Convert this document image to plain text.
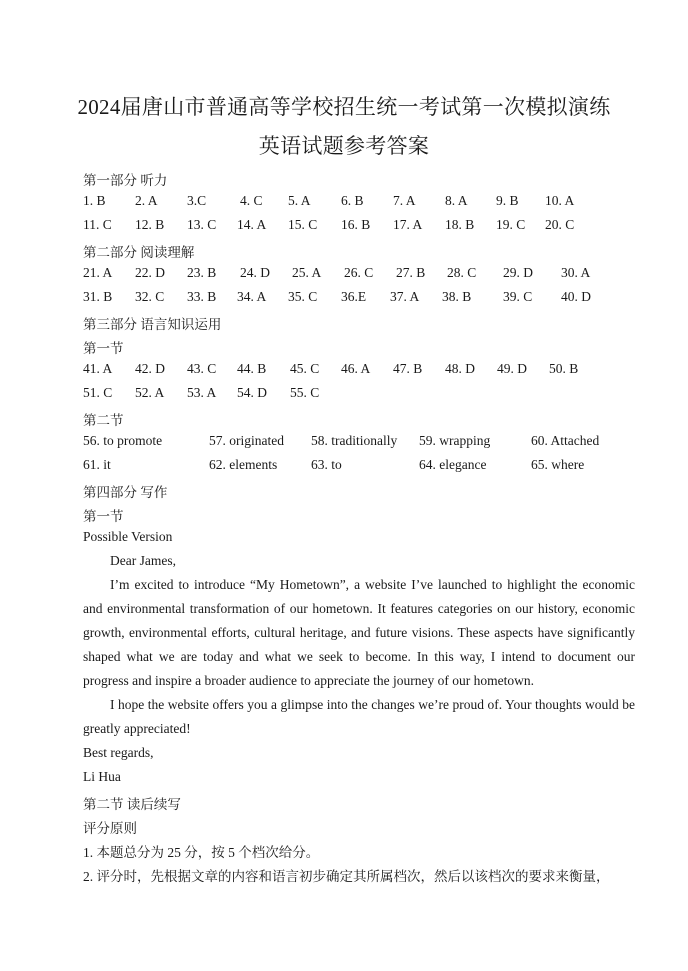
2024届唐山市普通高等学校招生统一考试第一次模拟演练
英语试题参考答案
第一部分 听力
1. B 2. A 3.C	4. C 5. A 6. B 7. A 8. A 9. B 10. A
11. C 12. B 13. C 14. A 15. C 16. B 17. A 18. B 19. C 20. C
第二部分 阅读理解
21. A 22. D 23. B 24. D 25. A 26. C 27. B 28. C 29. D 30. A
31. B 32. C 33. B 34. A 35. C 36.E 37. A 38. B 39. C 40. D
第三部分 语言知识运用
第一节
41. A 42. D 43. C 44. B 45. C 46. A 47. B 48. D 49. D 50. B
51. C 52. A 53. A 54. D 55. C
第二节
56. to promote	57. originated 58. traditionally 59. wrapping	60. Attached
61. it	62. elements	63. to	64. elegance	65. where
第四部分 写作
第一节
Possible Version
Dear James,
I’m excited to introduce “My Hometown”, a website I’ve launched to highlight the economic and environmental transformation of our hometown. It features categories on our history, economic growth, environmental efforts, cultural heritage, and future visions. These aspects have significantly shaped what we are today and what we seek to become. In this way, I intend to document our progress and inspire a broader audience to appreciate the journey of our hometown.
I hope the website offers you a glimpse into the changes we’re proud of. Your thoughts would be greatly appreciated!
Best regards,
Li Hua
第二节 读后续写
评分原则
1. 本题总分为 25 分，按 5 个档次给分。
2. 评分时，先根据文章的内容和语言初步确定其所属档次，然后以该档次的要求来衡量，
